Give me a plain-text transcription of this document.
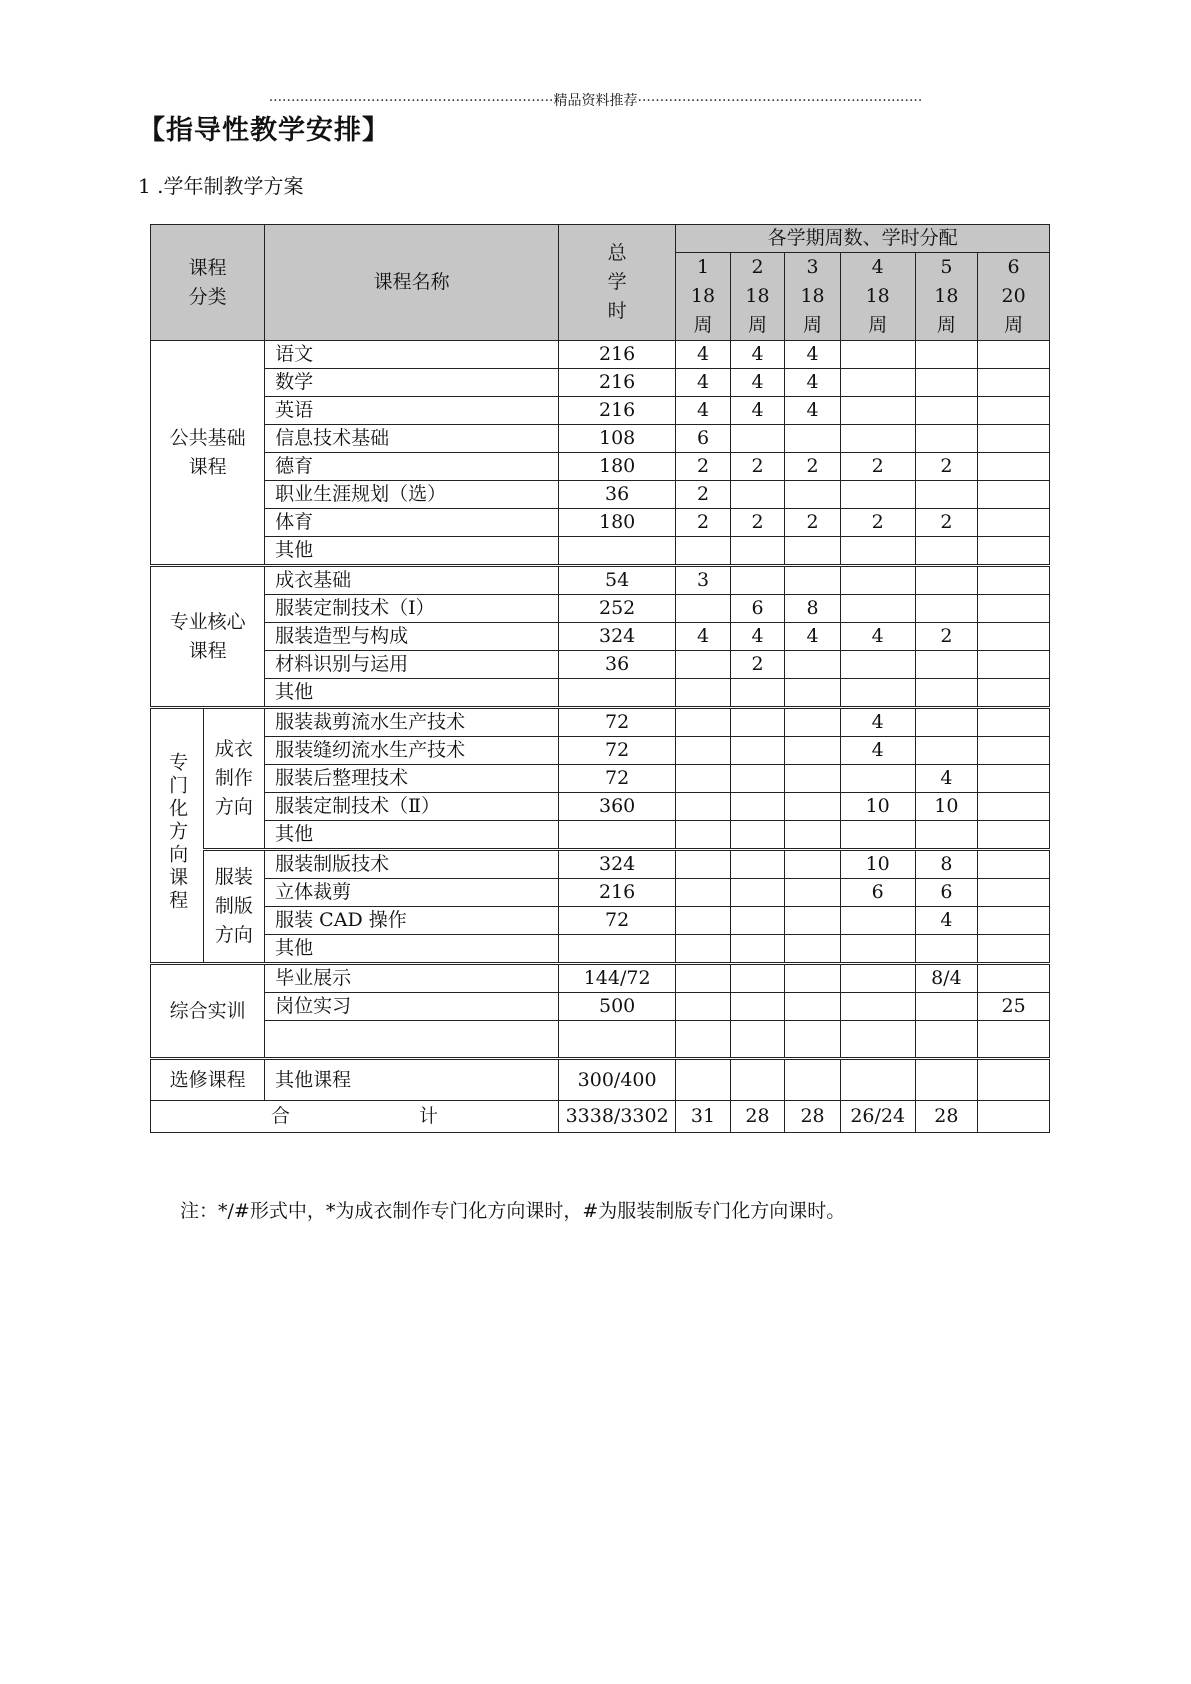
································································精品资料推荐································································
【指导性教学安排】
1 .学年制教学方案
课程
分类		课程名称	总
学
时	各学期周数、学时分配					

				1
18
周	2
18
周	3
18
周	4
18
周	5
18
周	6
20
周

公共基础
课程		语文	216	4	4	4			
		数学	216	4	4	4			
		英语	216	4	4	4			
		信息技术基础	108	6					
		德育	180	2	2	2	2	2	
		职业生涯规划（选）	36	2					
		体育	180	2	2	2	2	2	
		其他							

专业核心
课程		成衣基础	54	3					
		服装定制技术（Ⅰ）	252		6	8			
		服装造型与构成	324	4	4	4	4	2	
		材料识别与运用	36		2				
		其他							
专门化方向课程	成衣制作方向	服装裁剪流水生产技术	72				4		
		服装缝纫流水生产技术	72				4		
		服装后整理技术	72					4	
		服装定制技术（Ⅱ）	360				10	10	
		其他							
	服装制版方向	服装制版技术	324				10	8	
		立体裁剪	216				6	6	
		服装 CAD 操作	72					4	
		其他							

综合实训		毕业展示	144/72					8/4	
		岗位实习	500						25

选修课程		其他课程	300/400						

合 计			3338/3302	31	28	28	26/24	28	
注：*/#形式中，*为成衣制作专门化方向课时，#为服装制版专门化方向课时。
